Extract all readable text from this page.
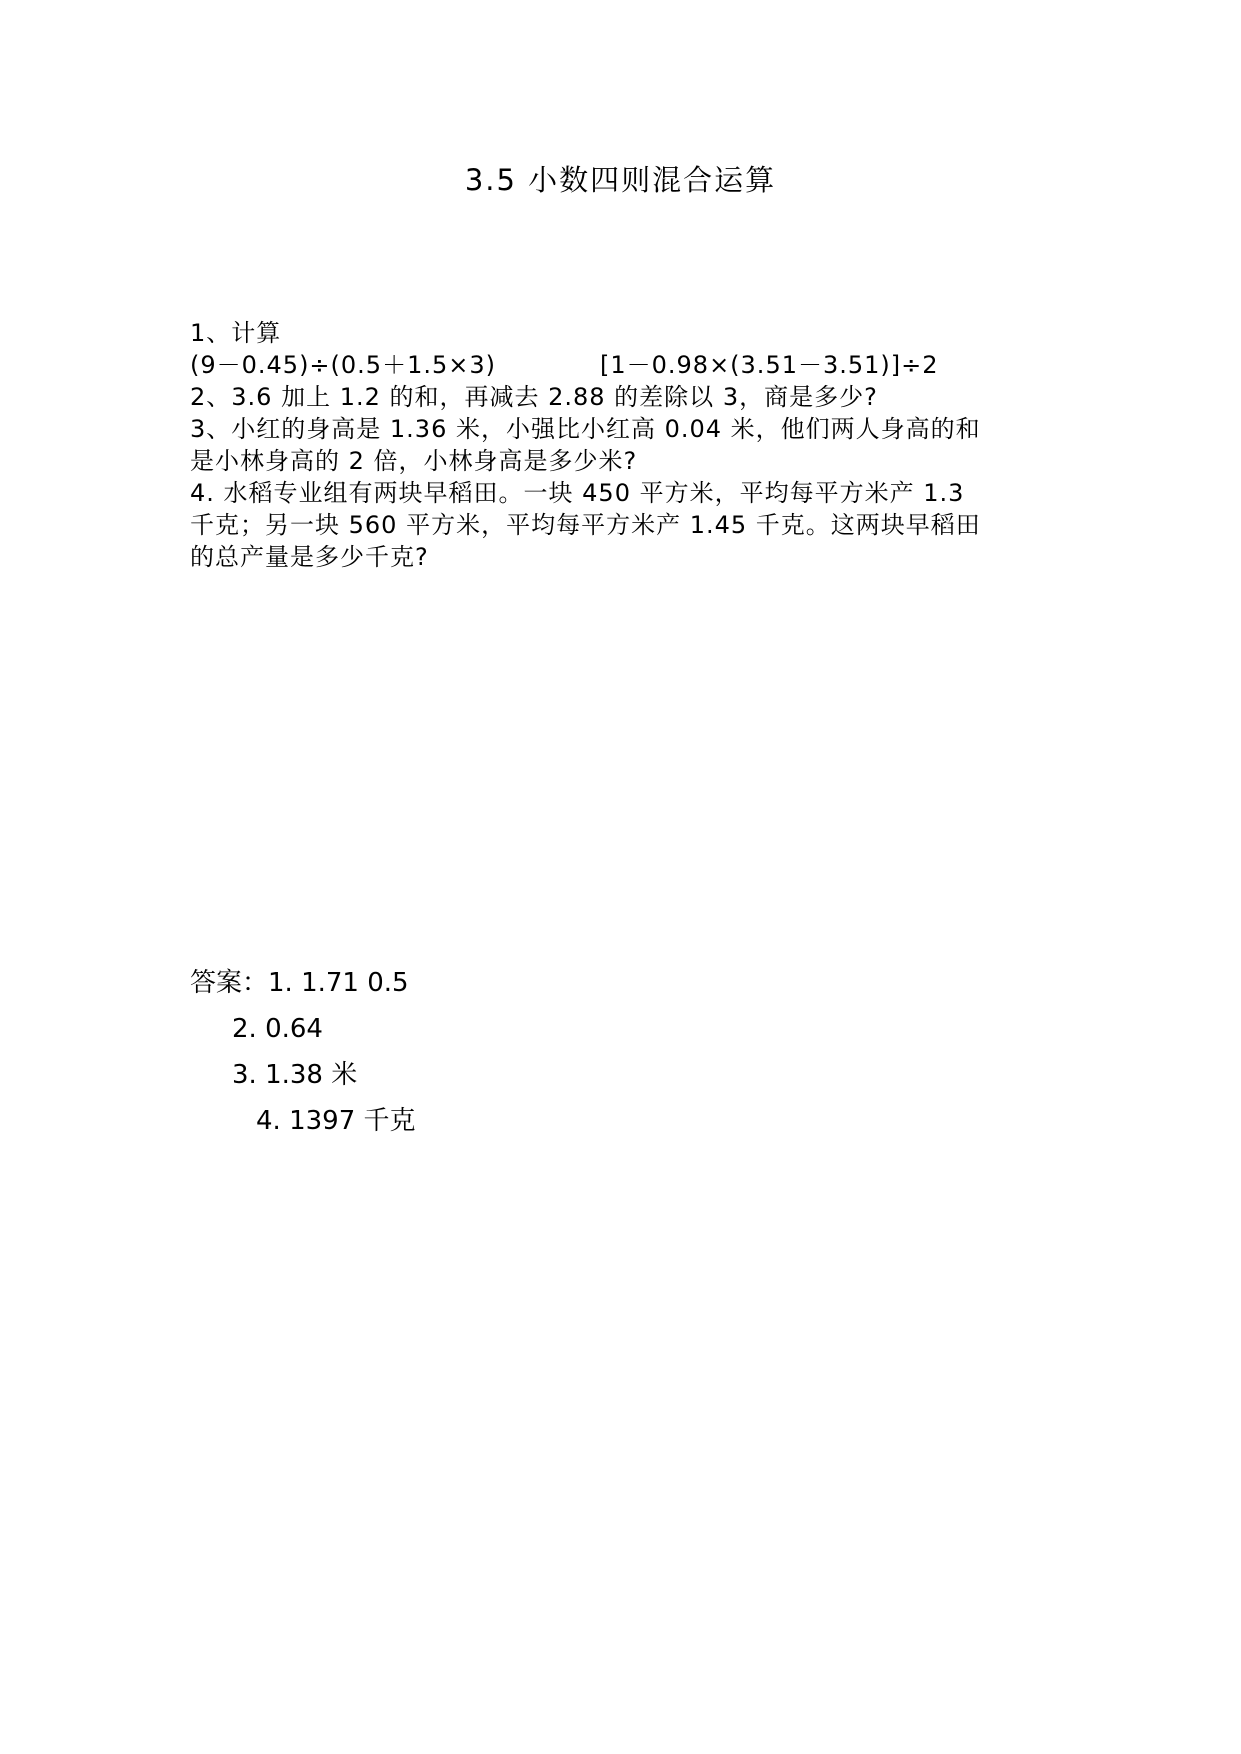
3.5 小数四则混合运算
1、计算
(9－0.45)÷(0.5＋1.5×3)	[1－0.98×(3.51－3.51)]÷2
2、3.6 加上 1.2 的和，再减去 2.88 的差除以 3，商是多少?
3、小红的身高是 1.36 米，小强比小红高 0.04 米，他们两人身高的和
是小林身高的 2 倍，小林身高是多少米?
4. 水稻专业组有两块早稻田。一块 450 平方米，平均每平方米产 1.3
千克；另一块 560 平方米，平均每平方米产 1.45 千克。这两块早稻田
的总产量是多少千克?
答案：1. 1.71 0.5
2. 0.64
3. 1.38 米
4. 1397 千克
